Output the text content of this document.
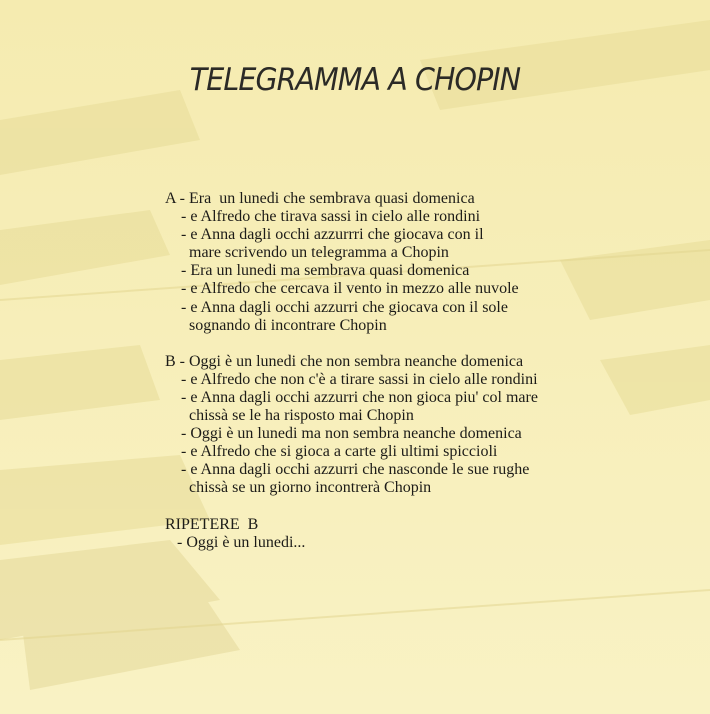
TELEGRAMMA A CHOPIN
A - Era  un lunedi che sembrava quasi domenica
- e Alfredo che tirava sassi in cielo alle rondini
- e Anna dagli occhi azzurrri che giocava con il
mare scrivendo un telegramma a Chopin
- Era un lunedi ma sembrava quasi domenica
- e Alfredo che cercava il vento in mezzo alle nuvole
- e Anna dagli occhi azzurri che giocava con il sole
sognando di incontrare Chopin
B - Oggi è un lunedi che non sembra neanche domenica
- e Alfredo che non c'è a tirare sassi in cielo alle rondini
- e Anna dagli occhi azzurri che non gioca piu' col mare
chissà se le ha risposto mai Chopin
- Oggi è un lunedi ma non sembra neanche domenica
- e Alfredo che si gioca a carte gli ultimi spiccioli
- e Anna dagli occhi azzurri che nasconde le sue rughe
chissà se un giorno incontrerà Chopin
RIPETERE  B
- Oggi è un lunedi...
